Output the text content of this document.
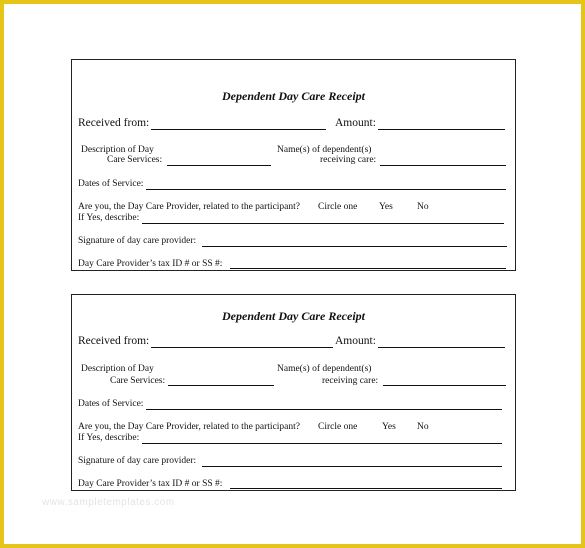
Dependent Day Care Receipt
Received from:	Amount:
Description of Day
Care Services:
Name(s) of dependent(s)
receiving care:
Dates of Service:
Are you, the Day Care Provider, related to the participant? Circle one Yes	No
If Yes, describe:
Signature of day care provider:
Day Care Provider’s tax ID # or SS #:
Dependent Day Care Receipt
Received from:	Amount:
Description of Day
Care Services:
Name(s) of dependent(s)
receiving care:
Dates of Service:
Are you, the Day Care Provider, related to the participant? Circle one	Yes No
If Yes, describe:
Signature of day care provider:
Day Care Provider’s tax ID # or SS #:
www.sampletemplates.com
